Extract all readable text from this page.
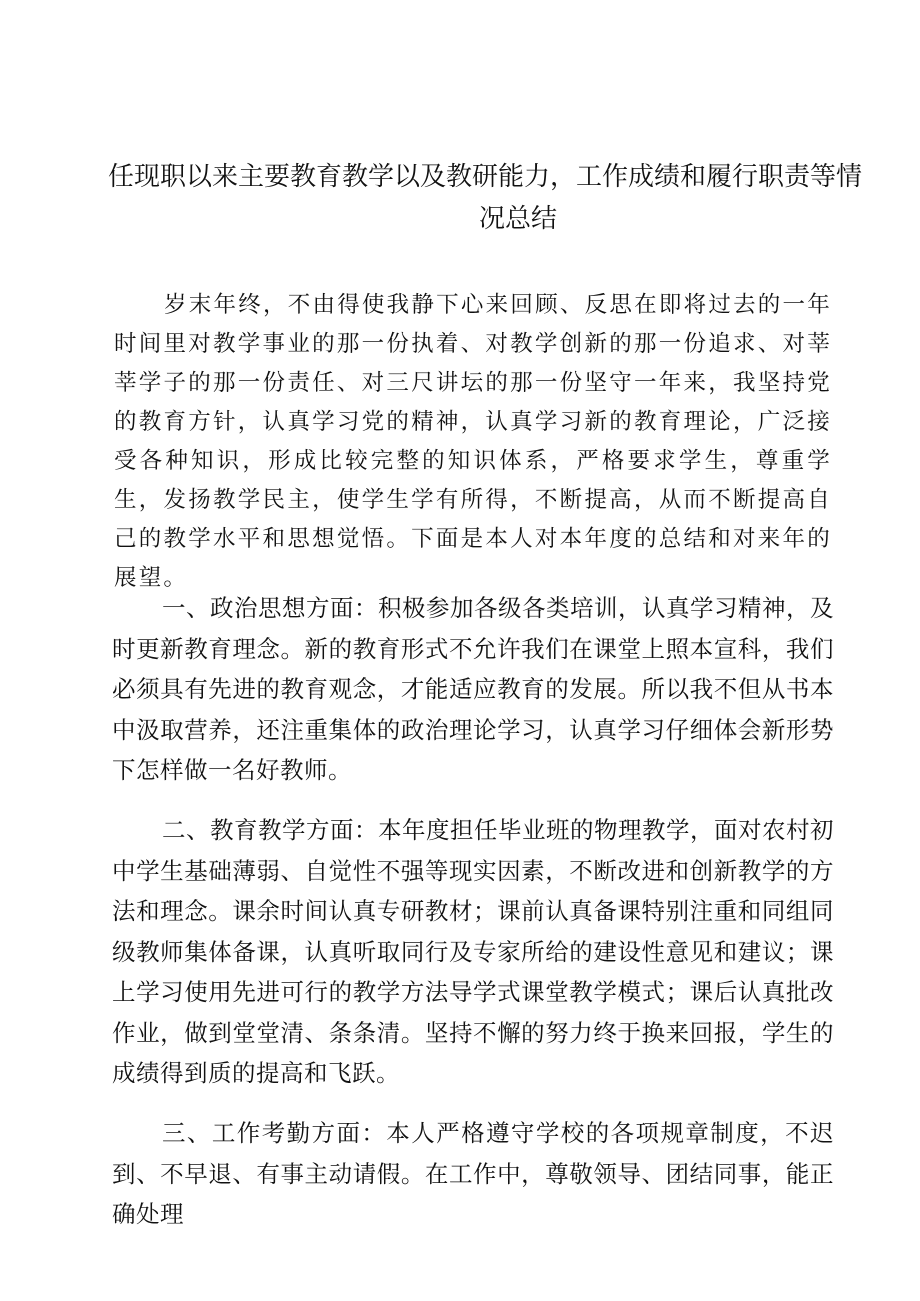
任现职以来主要教育教学以及教研能力，工作成绩和履行职责等情
况总结

岁末年终，不由得使我静下心来回顾、反思在即将过去的一年时间里对教学事业的那一份执着、对教学创新的那一份追求、对莘莘学子的那一份责任、对三尺讲坛的那一份坚守一年来，我坚持党的教育方针，认真学习党的精神，认真学习新的教育理论，广泛接受各种知识，形成比较完整的知识体系，严格要求学生，尊重学生，发扬教学民主，使学生学有所得，不断提高，从而不断提高自己的教学水平和思想觉悟。下面是本人对本年度的总结和对来年的展望。

一、政治思想方面：积极参加各级各类培训，认真学习精神，及时更新教育理念。新的教育形式不允许我们在课堂上照本宣科，我们必须具有先进的教育观念，才能适应教育的发展。所以我不但从书本中汲取营养，还注重集体的政治理论学习，认真学习仔细体会新形势下怎样做一名好教师。

二、教育教学方面：本年度担任毕业班的物理教学，面对农村初中学生基础薄弱、自觉性不强等现实因素，不断改进和创新教学的方法和理念。课余时间认真专研教材；课前认真备课特别注重和同组同级教师集体备课，认真听取同行及专家所给的建设性意见和建议；课上学习使用先进可行的教学方法导学式课堂教学模式；课后认真批改作业，做到堂堂清、条条清。坚持不懈的努力终于换来回报，学生的成绩得到质的提高和飞跃。

三、工作考勤方面：本人严格遵守学校的各项规章制度，不迟到、不早退、有事主动请假。在工作中，尊敬领导、团结同事，能正确处理
